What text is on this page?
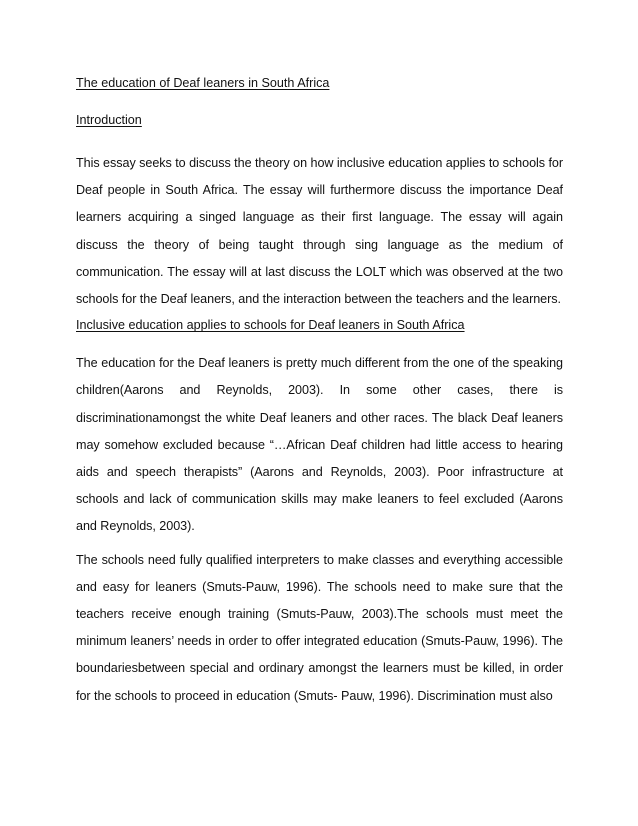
The education of Deaf leaners in South Africa
Introduction

This essay seeks to discuss the theory on how inclusive education applies to schools for Deaf people in South Africa. The essay will furthermore discuss the importance Deaf learners acquiring a singed language as their first language. The essay will again discuss the theory of being taught through sing language as the medium of communication. The essay will at last discuss the LOLT which was observed at the two schools for the Deaf leaners, and the interaction between the teachers and the learners.

Inclusive education applies to schools for Deaf leaners in South Africa

The education for the Deaf leaners is pretty much different from the one of the speaking children(Aarons and Reynolds, 2003). In some other cases, there is discriminationamongst the white Deaf leaners and other races. The black Deaf leaners may somehow excluded because “…African Deaf children had little access to hearing aids and speech therapists” (Aarons and Reynolds, 2003). Poor infrastructure at schools and lack of communication skills may make leaners to feel excluded (Aarons and Reynolds, 2003).

The schools need fully qualified interpreters to make classes and everything accessible and easy for leaners (Smuts-Pauw, 1996). The schools need to make sure that the teachers receive enough training (Smuts-Pauw, 2003).The schools must meet the minimum leaners’ needs in order to offer integrated education (Smuts-Pauw, 1996). The boundariesbetween special and ordinary amongst the learners must be killed, in order for the schools to proceed in education (Smuts- Pauw, 1996). Discrimination must also
